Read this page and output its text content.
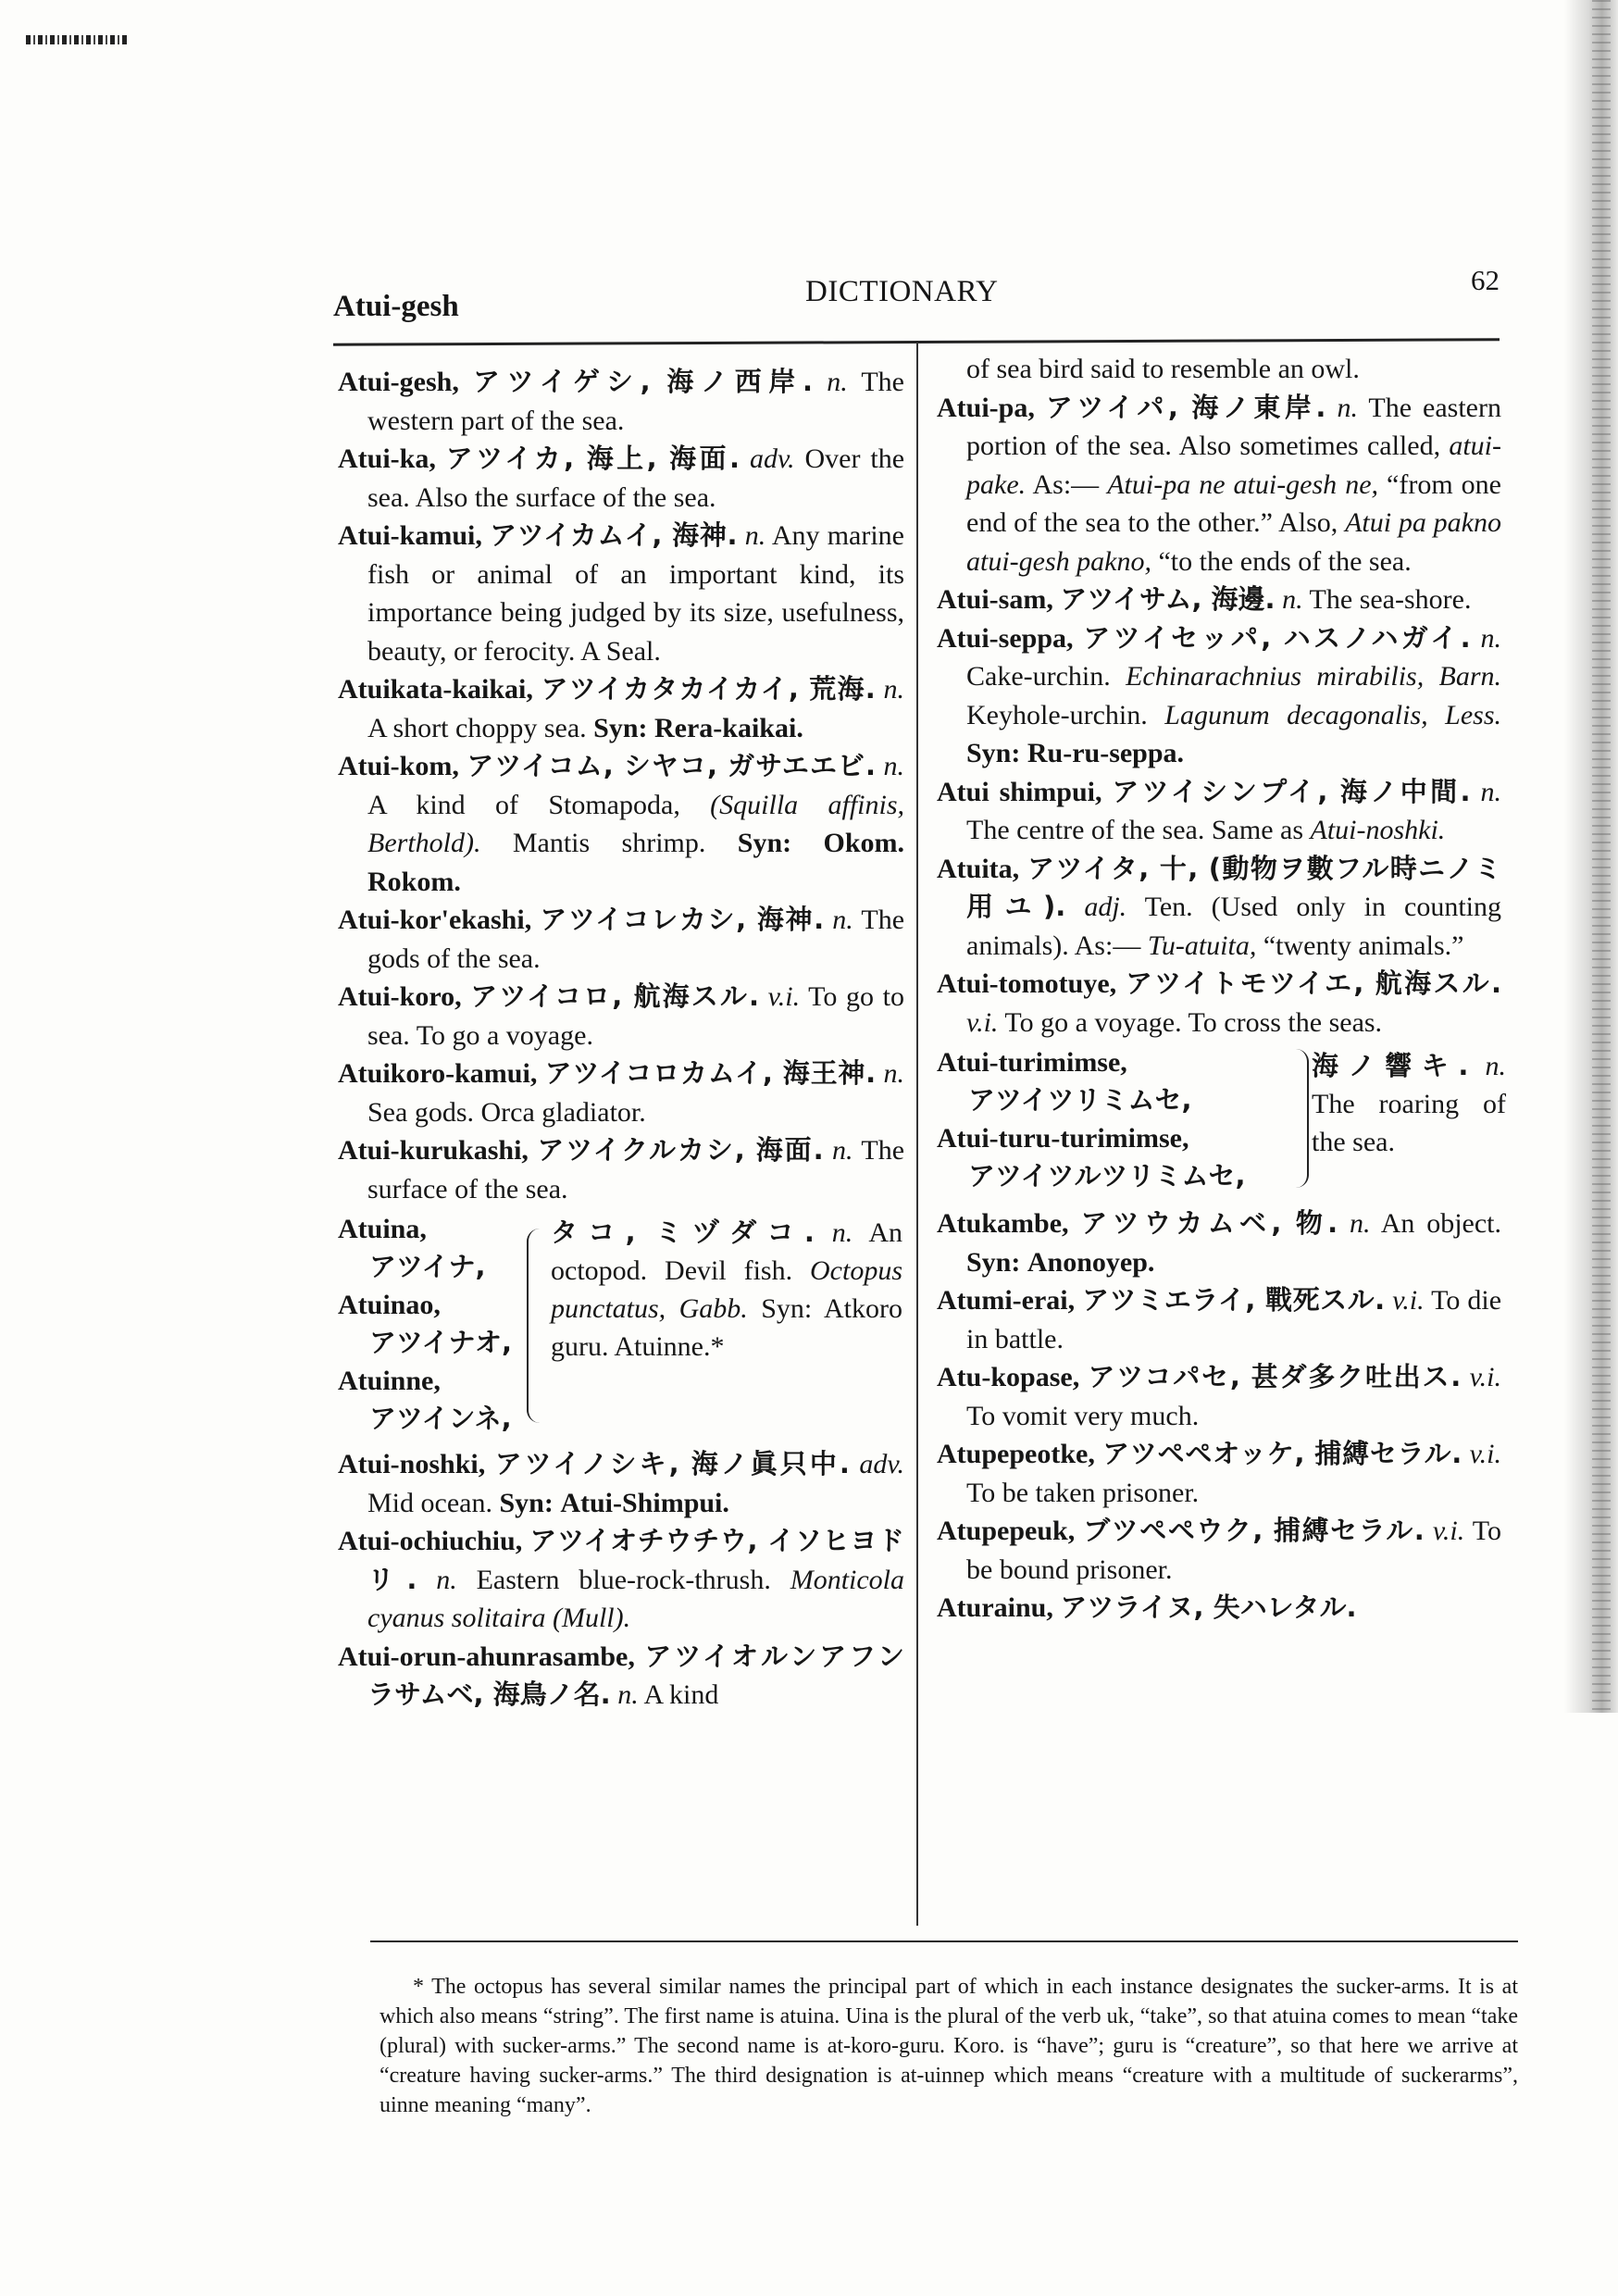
Atui-gesh	DICTIONARY	62

Atui-gesh, アツイゲシ, 海ノ西岸. n. The western part of the sea.

Atui-ka, アツイカ, 海上, 海面. adv. Over the sea. Also the surface of the sea.

Atui-kamui, アツイカムイ, 海神. n. Any marine fish or animal of an important kind, its importance being judged by its size, usefulness, beauty, or ferocity. A Seal.

Atuikata-kaikai, アツイカタカイカイ, 荒海. n. A short choppy sea. Syn: Rera-kaikai.

Atui-kom, アツイコム, シヤコ, ガサエエビ. n. A kind of Stomapoda, (Squilla affinis, Berthold). Mantis shrimp. Syn: Okom. Rokom.

Atui-kor'ekashi, アツイコレカシ, 海神. n. The gods of the sea.

Atui-koro, アツイコロ, 航海スル. v.i. To go to sea. To go a voyage.

Atuikoro-kamui, アツイコロカムイ, 海王神. n. Sea gods. Orca gladiator.

Atui-kurukashi, アツイクルカシ, 海面. n. The surface of the sea.

Atuina,
アツイナ,
Atuinao,
アツイナオ,
Atuinne,
アツインネ,
タコ, ミヅダコ. n. An octopod. Devil fish. Octopus punctatus, Gabb. Syn: Atkoro guru. Atuinne.*

Atui-noshki, アツイノシキ, 海ノ眞只中. adv. Mid ocean. Syn: Atui-Shimpui.

Atui-ochiuchiu, アツイオチウチウ, イソヒヨドリ. n. Eastern blue-rock-thrush. Monticola cyanus solitaira (Mull).

Atui-orun-ahunrasambe, アツイオルンアフンラサムベ, 海鳥ノ名. n. A kind

of sea bird said to resemble an owl.

Atui-pa, アツイパ, 海ノ東岸. n. The eastern portion of the sea. Also sometimes called, atui-pake. As:— Atui-pa ne atui-gesh ne, “from one end of the sea to the other.” Also, Atui pa pakno atui-gesh pakno, “to the ends of the sea.

Atui-sam, アツイサム, 海邊. n. The sea-shore.

Atui-seppa, アツイセッパ, ハスノハガイ. n. Cake-urchin. Echinarachnius mirabilis, Barn. Keyhole-urchin. Lagunum decagonalis, Less. Syn: Ru-ru-seppa.

Atui shimpui, アツイシンプイ, 海ノ中間. n. The centre of the sea. Same as Atui-noshki.

Atuita, アツイタ, 十, (動物ヲ數フル時ニノミ用ユ). adj. Ten. (Used only in counting animals). As:— Tu-atuita, “twenty animals.”

Atui-tomotuye, アツイトモツイエ, 航海スル. v.i. To go a voyage. To cross the seas.

Atui-turimimse,
アツイツリミムセ,
Atui-turu-turimimse,
アツイツルツリミムセ,
海ノ響キ. n. The roaring of the sea.

Atukambe, アツウカムベ, 物. n. An object. Syn: Anonoyep.

Atumi-erai, アツミエライ, 戰死スル. v.i. To die in battle.

Atu-kopase, アツコパセ, 甚ダ多ク吐出ス. v.i. To vomit very much.

Atupepeotke, アツペペオッケ, 捕縛セラル. v.i. To be taken prisoner.

Atupepeuk, ブツペペウク, 捕縛セラル. v.i. To be bound prisoner.

Aturainu, アツライヌ, 失ハレタル.

* The octopus has several similar names the principal part of which in each instance designates the sucker-arms. It is at which also means “string”. The first name is atuina. Uina is the plural of the verb uk, “take”, so that atuina comes to mean “take (plural) with sucker-arms.” The second name is at-koro-guru. Koro. is “have”; guru is “creature”, so that here we arrive at “creature having sucker-arms.” The third designation is at-uinnep which means “creature with a multitude of suckerarms”, uinne meaning “many”.
